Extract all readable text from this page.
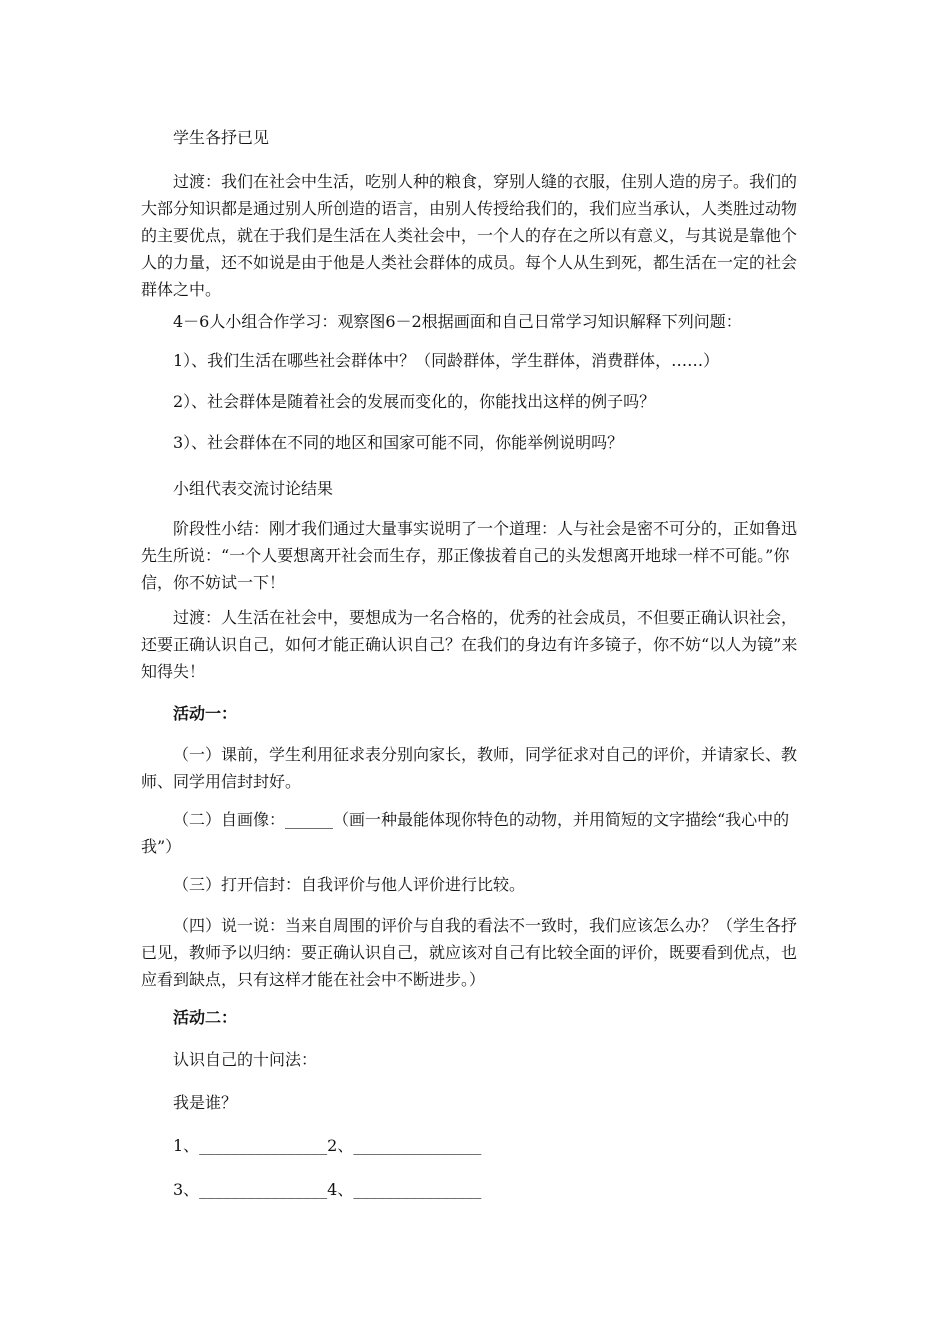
学生各抒已见

过渡：我们在社会中生活，吃别人种的粮食，穿别人缝的衣服，住别人造的房子。我们的大部分知识都是通过别人所创造的语言，由别人传授给我们的，我们应当承认，人类胜过动物的主要优点，就在于我们是生活在人类社会中，一个人的存在之所以有意义，与其说是靠他个人的力量，还不如说是由于他是人类社会群体的成员。每个人从生到死，都生活在一定的社会群体之中。

4－6人小组合作学习：观察图6－2根据画面和自己日常学习知识解释下列问题：

1）、我们生活在哪些社会群体中？（同龄群体，学生群体，消费群体，……）

2）、社会群体是随着社会的发展而变化的，你能找出这样的例子吗？

3）、社会群体在不同的地区和国家可能不同，你能举例说明吗？

小组代表交流讨论结果

阶段性小结：刚才我们通过大量事实说明了一个道理：人与社会是密不可分的，正如鲁迅先生所说：“一个人要想离开社会而生存，那正像拔着自己的头发想离开地球一样不可能。”你信，你不妨试一下！

过渡：人生活在社会中，要想成为一名合格的，优秀的社会成员，不但要正确认识社会，还要正确认识自己，如何才能正确认识自己？在我们的身边有许多镜子，你不妨“以人为镜”来知得失！

活动一：

（一）课前，学生利用征求表分别向家长，教师，同学征求对自己的评价，并请家长、教师、同学用信封封好。

（二）自画像：______（画一种最能体现你特色的动物，并用简短的文字描绘“我心中的我”）

（三）打开信封：自我评价与他人评价进行比较。

（四）说一说：当来自周围的评价与自我的看法不一致时，我们应该怎么办？（学生各抒已见，教师予以归纳：要正确认识自己，就应该对自己有比较全面的评价，既要看到优点，也应看到缺点，只有这样才能在社会中不断进步。）

活动二：

认识自己的十问法：

我是谁？

1、________________2、________________

3、________________4、________________
